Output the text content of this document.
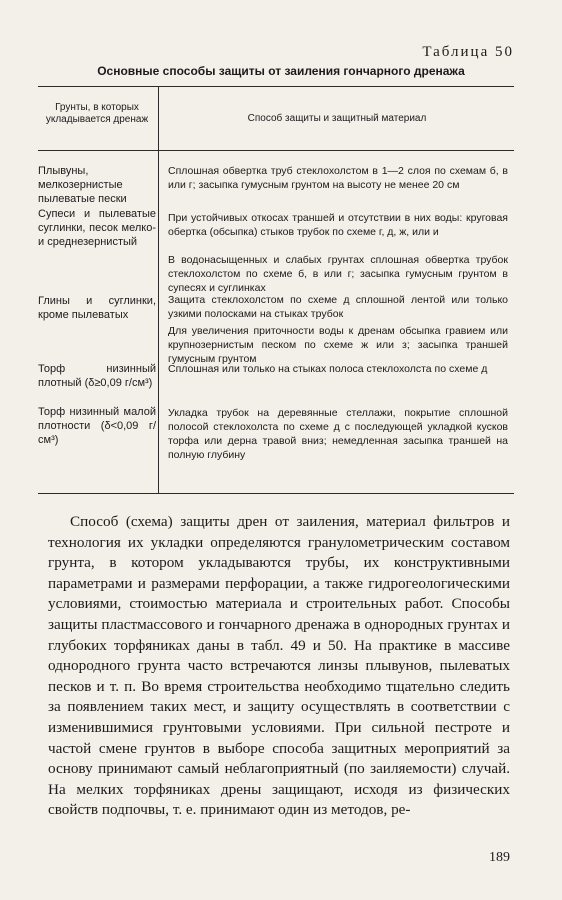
Таблица 50
Основные способы защиты от заиления гончарного дренажа
Грунты, в которых укладывается дренаж	Способ защиты и защитный материал
Плывуны, мелкозернистые пылеватые пески
Сплошная обвертка труб стеклохолстом в 1—2 слоя по схемам б, в или г; засыпка гумусным грунтом на высоту не менее 20 см
Супеси и пылеватые суглинки, песок мелко- и среднезернистый
При устойчивых откосах траншей и отсутствии в них воды: круговая обертка (обсыпка) стыков трубок по схеме г, д, ж, или и
В водонасыщенных и слабых грунтах сплошная обвертка трубок стеклохолстом по схеме б, в или г; засыпка гумусным грунтом в супесях и суглинках
Глины и суглинки, кроме пылеватых
Защита стеклохолстом по схеме д сплошной лентой или только узкими полосками на стыках трубок
Для увеличения приточности воды к дренам обсыпка гравием или крупнозернистым песком по схеме ж или з; засыпка траншей гумусным грунтом
Торф низинный плотный (δ≥0,09 г/см³)
Сплошная или только на стыках полоса стеклохолста по схеме д
Торф низинный малой плотности (δ<0,09 г/см³)
Укладка трубок на деревянные стеллажи, покрытие сплошной полосой стеклохолста по схеме д с последующей укладкой кусков торфа или дерна травой вниз; немедленная засыпка траншей на полную глубину
Способ (схема) защиты дрен от заиления, материал фильтров и технология их укладки определяются гранулометрическим составом грунта, в котором укладываются трубы, их конструктивными параметрами и размерами перфорации, а также гидрогеологическими условиями, стоимостью материала и строительных работ. Способы защиты пластмассового и гончарного дренажа в однородных грунтах и глубоких торфяниках даны в табл. 49 и 50. На практике в массиве однородного грунта часто встречаются линзы плывунов, пылеватых песков и т. п. Во время строительства необходимо тщательно следить за появлением таких мест, и защиту осуществлять в соответствии с изменившимися грунтовыми условиями. При сильной пестроте и частой смене грунтов в выборе способа защитных мероприятий за основу принимают самый неблагоприятный (по заиляемости) случай. На мелких торфяниках дрены защищают, исходя из физических свойств подпочвы, т. е. принимают один из методов, ре-
189
